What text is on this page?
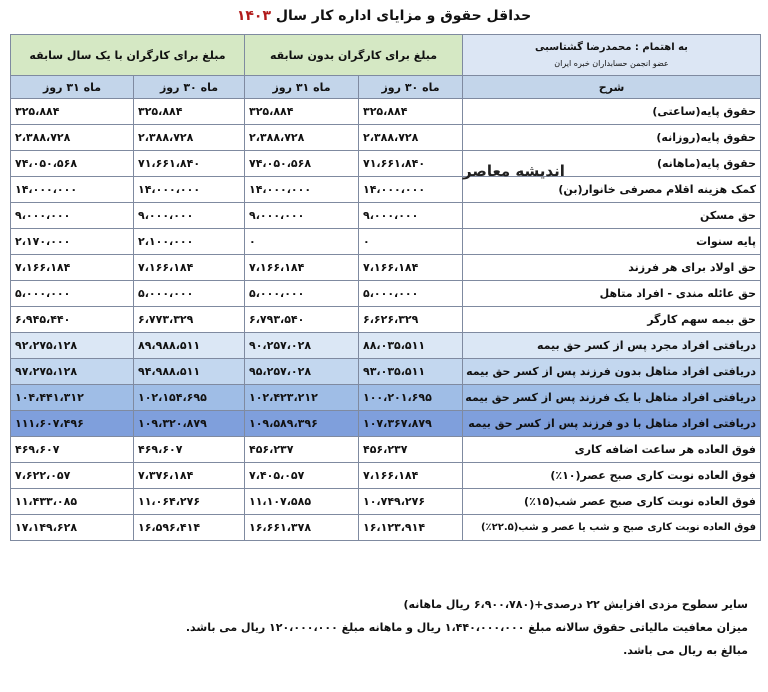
حداقل حقوق و مزایای اداره کار سال ۱۴۰۳
به اهتمام : محمدرضا گشتاسبی
عضو انجمن حسابداران خبره ایران	مبلغ برای کارگران بدون سابقه		مبلغ برای کارگران با یک سال سابقه	
شرح	ماه ۳۰ روز	ماه ۳۱ روز	ماه ۳۰ روز	ماه ۳۱ روز
حقوق پایه(ساعتی)	۳۲۵،۸۸۴	۳۲۵،۸۸۴	۳۲۵،۸۸۴	۳۲۵،۸۸۴
حقوق پایه(روزانه)	۲،۳۸۸،۷۲۸	۲،۳۸۸،۷۲۸	۲،۳۸۸،۷۲۸	۲،۳۸۸،۷۲۸
حقوق پایه(ماهانه)	۷۱،۶۶۱،۸۴۰	۷۴،۰۵۰،۵۶۸	۷۱،۶۶۱،۸۴۰	۷۴،۰۵۰،۵۶۸
کمک هزینه اقلام مصرفی خانوار(بن)	۱۴،۰۰۰،۰۰۰	۱۴،۰۰۰،۰۰۰	۱۴،۰۰۰،۰۰۰	۱۴،۰۰۰،۰۰۰
حق مسکن	۹،۰۰۰،۰۰۰	۹،۰۰۰،۰۰۰	۹،۰۰۰،۰۰۰	۹،۰۰۰،۰۰۰
پایه سنوات	۰	۰	۲،۱۰۰،۰۰۰	۲،۱۷۰،۰۰۰
حق اولاد برای هر فرزند	۷،۱۶۶،۱۸۴	۷،۱۶۶،۱۸۴	۷،۱۶۶،۱۸۴	۷،۱۶۶،۱۸۴
حق عائله مندی - افراد متاهل	۵،۰۰۰،۰۰۰	۵،۰۰۰،۰۰۰	۵،۰۰۰،۰۰۰	۵،۰۰۰،۰۰۰
حق بیمه سهم کارگر	۶،۶۲۶،۳۲۹	۶،۷۹۳،۵۴۰	۶،۷۷۳،۳۲۹	۶،۹۴۵،۴۴۰
دریافتی افراد مجرد پس از کسر حق بیمه	۸۸،۰۳۵،۵۱۱	۹۰،۲۵۷،۰۲۸	۸۹،۹۸۸،۵۱۱	۹۲،۲۷۵،۱۲۸
دریافتی افراد متاهل بدون فرزند پس از کسر حق بیمه	۹۳،۰۳۵،۵۱۱	۹۵،۲۵۷،۰۲۸	۹۴،۹۸۸،۵۱۱	۹۷،۲۷۵،۱۲۸
دریافتی افراد متاهل با یک فرزند پس از کسر حق بیمه	۱۰۰،۲۰۱،۶۹۵	۱۰۲،۴۲۳،۲۱۲	۱۰۲،۱۵۴،۶۹۵	۱۰۴،۴۴۱،۳۱۲
دریافتی افراد متاهل با دو فرزند پس از کسر حق بیمه	۱۰۷،۳۶۷،۸۷۹	۱۰۹،۵۸۹،۳۹۶	۱۰۹،۳۲۰،۸۷۹	۱۱۱،۶۰۷،۴۹۶
فوق العاده هر ساعت اضافه کاری	۴۵۶،۲۳۷	۴۵۶،۲۳۷	۴۶۹،۶۰۷	۴۶۹،۶۰۷
فوق العاده نوبت کاری صبح عصر(۱۰٪)	۷،۱۶۶،۱۸۴	۷،۴۰۵،۰۵۷	۷،۳۷۶،۱۸۴	۷،۶۲۲،۰۵۷
فوق العاده نوبت کاری صبح عصر شب(۱۵٪)	۱۰،۷۴۹،۲۷۶	۱۱،۱۰۷،۵۸۵	۱۱،۰۶۴،۲۷۶	۱۱،۴۳۳،۰۸۵
فوق العاده نوبت کاری صبح و شب یا عصر و شب(۲۲.۵٪)	۱۶،۱۲۳،۹۱۴	۱۶،۶۶۱،۳۷۸	۱۶،۵۹۶،۴۱۴	۱۷،۱۴۹،۶۲۸
اندیشه معاصر

سایر سطوح مزدی افزایش ۲۲ درصدی+(۶،۹۰۰،۷۸۰ ریال ماهانه)

میزان معافیت مالیاتی حقوق سالانه مبلغ ۱،۴۴۰،۰۰۰،۰۰۰ ریال و ماهانه مبلغ ۱۲۰،۰۰۰،۰۰۰ ریال می باشد.

مبالغ به ریال می باشد.
